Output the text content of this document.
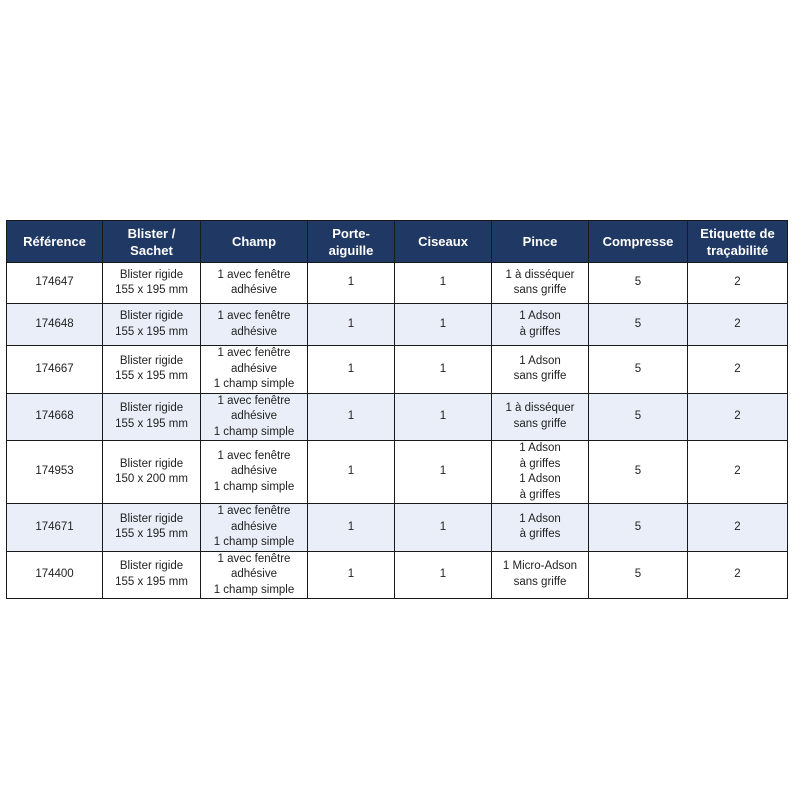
Référence	Blister /
Sachet	Champ	Porte-
aiguille	Ciseaux	Pince	Compresse	Etiquette de
traçabilité

174647	Blister rigide
155 x 195 mm	1 avec fenêtre
adhésive	1	1	1 à disséquer
sans griffe	5	2

174648	Blister rigide
155 x 195 mm	1 avec fenêtre
adhésive	1	1	1 Adson
à griffes	5	2

174667	Blister rigide
155 x 195 mm	1 avec fenêtre
adhésive
1 champ simple	1	1	1 Adson
sans griffe	5	2

174668	Blister rigide
155 x 195 mm	1 avec fenêtre
adhésive
1 champ simple	1	1	1 à disséquer
sans griffe	5	2

174953	Blister rigide
150 x 200 mm	1 avec fenêtre
adhésive
1 champ simple	1	1	1 Adson
à griffes
1 Adson
à griffes	5	2

174671	Blister rigide
155 x 195 mm	1 avec fenêtre
adhésive
1 champ simple	1	1	1 Adson
à griffes	5	2

174400	Blister rigide
155 x 195 mm	1 avec fenêtre
adhésive
1 champ simple	1	1	1 Micro-Adson
sans griffe	5	2
